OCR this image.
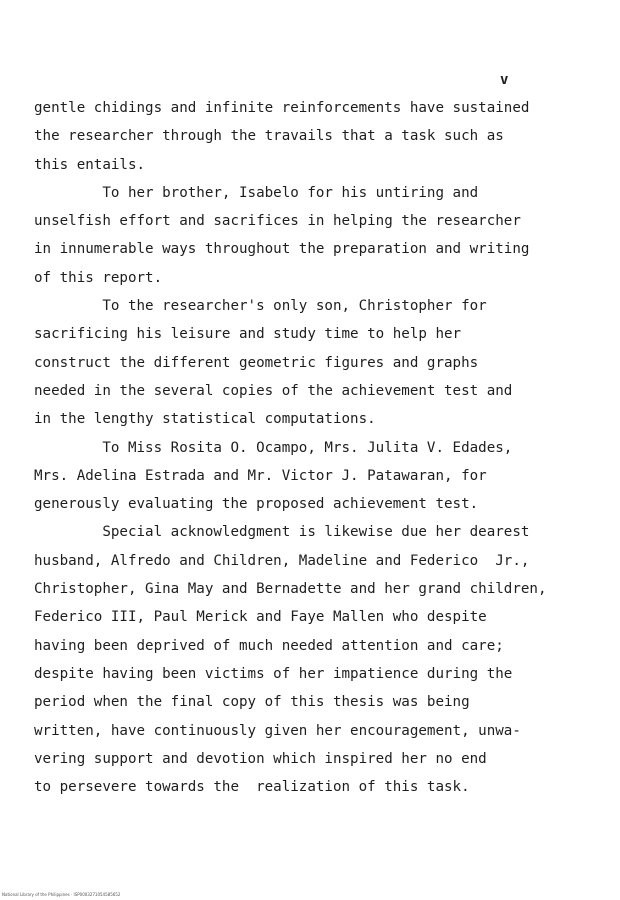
v
gentle chidings and infinite reinforcements have sustained
the researcher through the travails that a task such as
this entails.
To her brother, Isabelo for his untiring and
unselfish effort and sacrifices in helping the researcher
in innumerable ways throughout the preparation and writing
of this report.
To the researcher's only son, Christopher for
sacrificing his leisure and study time to help her
construct the different geometric figures and graphs
needed in the several copies of the achievement test and
in the lengthy statistical computations.
To Miss Rosita O. Ocampo, Mrs. Julita V. Edades,
Mrs. Adelina Estrada and Mr. Victor J. Patawaran, for
generously evaluating the proposed achievement test.
Special acknowledgment is likewise due her dearest
husband, Alfredo and Children, Madeline and Federico  Jr.,
Christopher, Gina May and Bernadette and her grand children,
Federico III, Paul Merick and Faye Mallen who despite
having been deprived of much needed attention and care;
despite having been victims of her impatience during the
period when the final copy of this thesis was being
written, have continuously given her encouragement, unwa-
vering support and devotion which inspired her no end
to persevere towards the  realization of this task.
National Library of the Philippines · ISP0003271054585652
